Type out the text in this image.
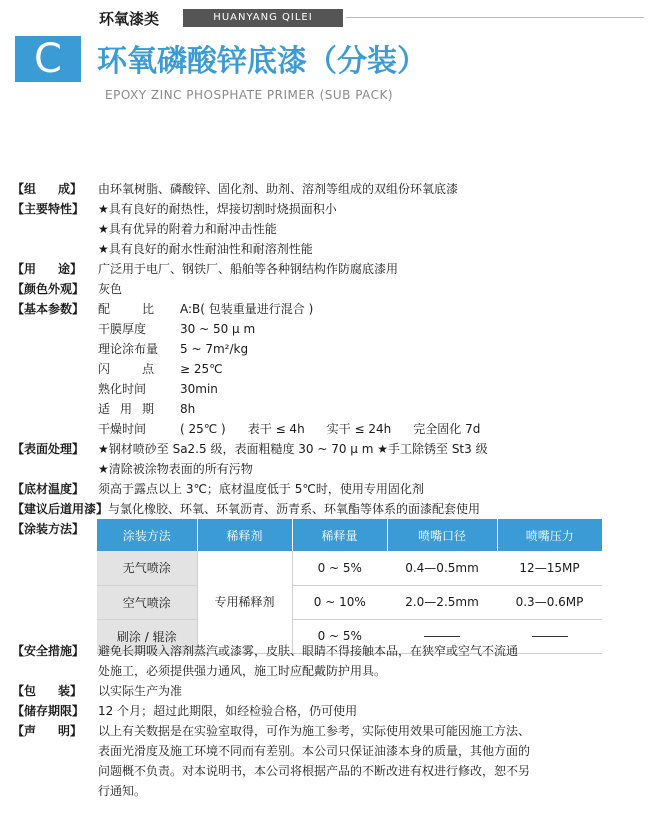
C
环氧漆类	HUANYANG QILEI
环氧磷酸锌底漆（分装）
EPOXY ZINC PHOSPHATE PRIMER (SUB PACK)
【组 成】 由环氧树脂、磷酸锌、固化剂、助剂、溶剂等组成的双组份环氧底漆
【主要特性】	★具有良好的耐热性，焊接切割时烧损面积小
★具有优异的附着力和耐冲击性能
★具有良好的耐水性耐油性和耐溶剂性能
【用 途】 广泛用于电厂、钢铁厂、船舶等各种钢结构作防腐底漆用
【颜色外观】	灰色
【基本参数】	配	比 A:B( 包装重量进行混合 )
干膜厚度	30 ~ 50 μ m
理论涂布量	5 ~ 7m²/kg
闪	点 ≥ 25℃
熟化时间	30min
适 用 期 8h
干燥时间	( 25℃ ) 表干 ≤ 4h 实干 ≤ 24h 完全固化 7d
【表面处理】	★钢材喷砂至 Sa2.5 级，表面粗糙度 30 ~ 70 μ m ★手工除锈至 St3 级
★清除被涂物表面的所有污物
【底材温度】	须高于露点以上 3℃；底材温度低于 5℃时，使用专用固化剂
【建议后道用漆】 与氯化橡胶、环氧、环氧沥青、沥青系、环氧酯等体系的面漆配套使用
【涂装方法】	涂装方法	稀释剂	稀释量	喷嘴口径	喷嘴压力
无气喷涂	专用稀释剂	0 ~ 5%	0.4—0.5mm	12—15MP
空气喷涂		0 ~ 10%	2.0—2.5mm	0.3—0.6MP
刷涂 / 辊涂		0 ~ 5%		
【安全措施】	避免长期吸入溶剂蒸汽或漆雾，皮肤、眼睛不得接触本品，在狭窄或空气不流通
处施工，必须提供强力通风，施工时应配戴防护用具。
【包 装】 以实际生产为准
【储存期限】	12 个月；超过此期限，如经检验合格，仍可使用
【声 明】 以上有关数据是在实验室取得，可作为施工参考，实际使用效果可能因施工方法、
表面光滑度及施工环境不同而有差别。本公司只保证油漆本身的质量，其他方面的
问题概不负责。对本说明书，本公司将根据产品的不断改进有权进行修改，恕不另
行通知。
